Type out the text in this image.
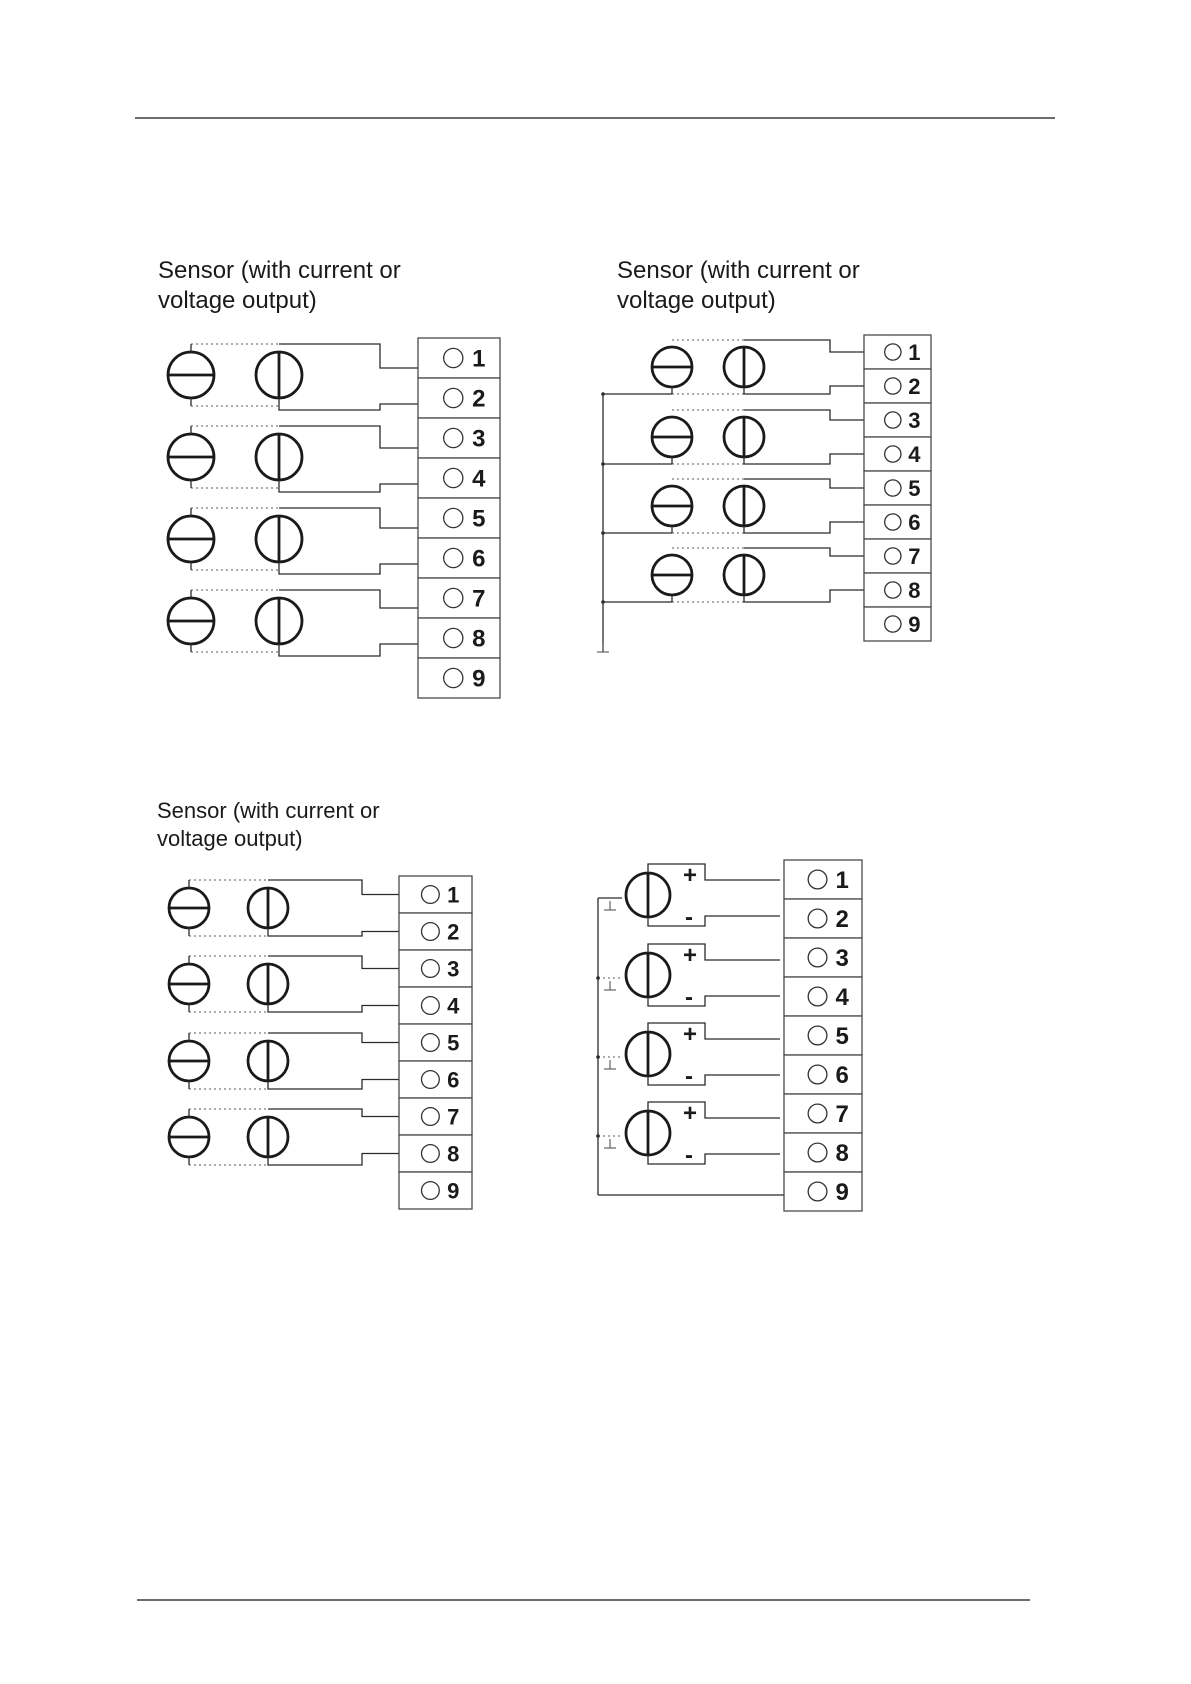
Sensor (with current or
voltage output)
Sensor (with current or
voltage output)
Sensor (with current or
voltage output)
1
2
3
4
5
6
7
8
9
1
2
3
4
5
6
7
8
9
1
2
3
4
5
6
7
8
9
+
-
+
-
+
-
+
-
1
2
3
4
5
6
7
8
9
